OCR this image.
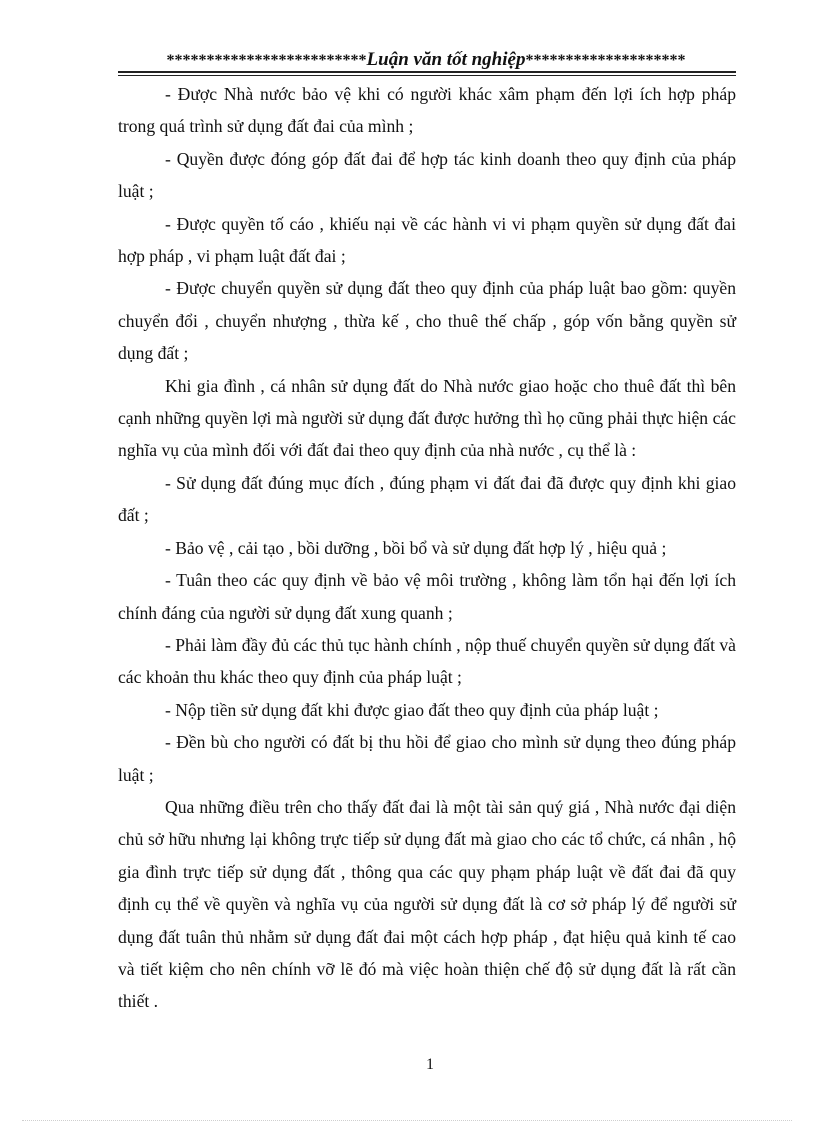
*************************Luận văn tốt nghiệp********************

- Được Nhà nước bảo vệ khi có người khác xâm phạm đến lợi ích hợp pháp trong quá trình sử dụng đất đai của mình ;

- Quyền được đóng góp đất đai để hợp tác kinh doanh theo quy định của pháp luật ;

- Được quyền tố cáo , khiếu nại về các hành vi vi phạm quyền sử dụng đất đai hợp pháp , vi phạm luật đất đai ;

- Được chuyển quyền sử dụng đất theo quy định của pháp luật bao gồm: quyền chuyển đổi , chuyển nhượng , thừa kế , cho thuê thế chấp , góp vốn bằng quyền sử dụng đất ;

Khi gia đình , cá nhân sử dụng đất do Nhà nước giao hoặc cho thuê đất thì bên cạnh những quyền lợi mà người sử dụng đất được hưởng thì họ cũng phải thực hiện các nghĩa vụ của mình đối với đất đai theo quy định của nhà nước , cụ thể là :

- Sử dụng đất đúng mục đích , đúng phạm vi đất đai đã được quy định khi giao đất ;

- Bảo vệ , cải tạo , bồi dưỡng , bồi bổ và sử dụng đất hợp lý , hiệu quả ;

- Tuân theo các quy định về bảo vệ môi trường , không làm tổn hại đến lợi ích chính đáng của người sử dụng đất xung quanh ;

- Phải làm đầy đủ các thủ tục hành chính , nộp thuế chuyển quyền sử dụng đất và các khoản thu khác theo quy định của pháp luật ;

- Nộp tiền sử dụng đất khi được giao đất theo quy định của pháp luật ;

- Đền bù cho người có đất bị thu hồi để giao cho mình sử dụng theo đúng pháp luật ;

Qua những điều trên cho thấy đất đai là một tài sản quý giá , Nhà nước đại diện chủ sở hữu nhưng lại không trực tiếp sử dụng đất mà giao cho các tổ chức, cá nhân , hộ gia đình trực tiếp sử dụng đất , thông qua các quy phạm pháp luật về đất đai đã quy định cụ thể về quyền và nghĩa vụ của người sử dụng đất là cơ sở pháp lý để người sử dụng đất tuân thủ nhằm sử dụng đất đai một cách hợp pháp , đạt hiệu quả kinh tế cao và tiết kiệm cho nên chính vỡ lẽ đó mà việc hoàn thiện chế độ sử dụng đất là rất cần thiết .

1
